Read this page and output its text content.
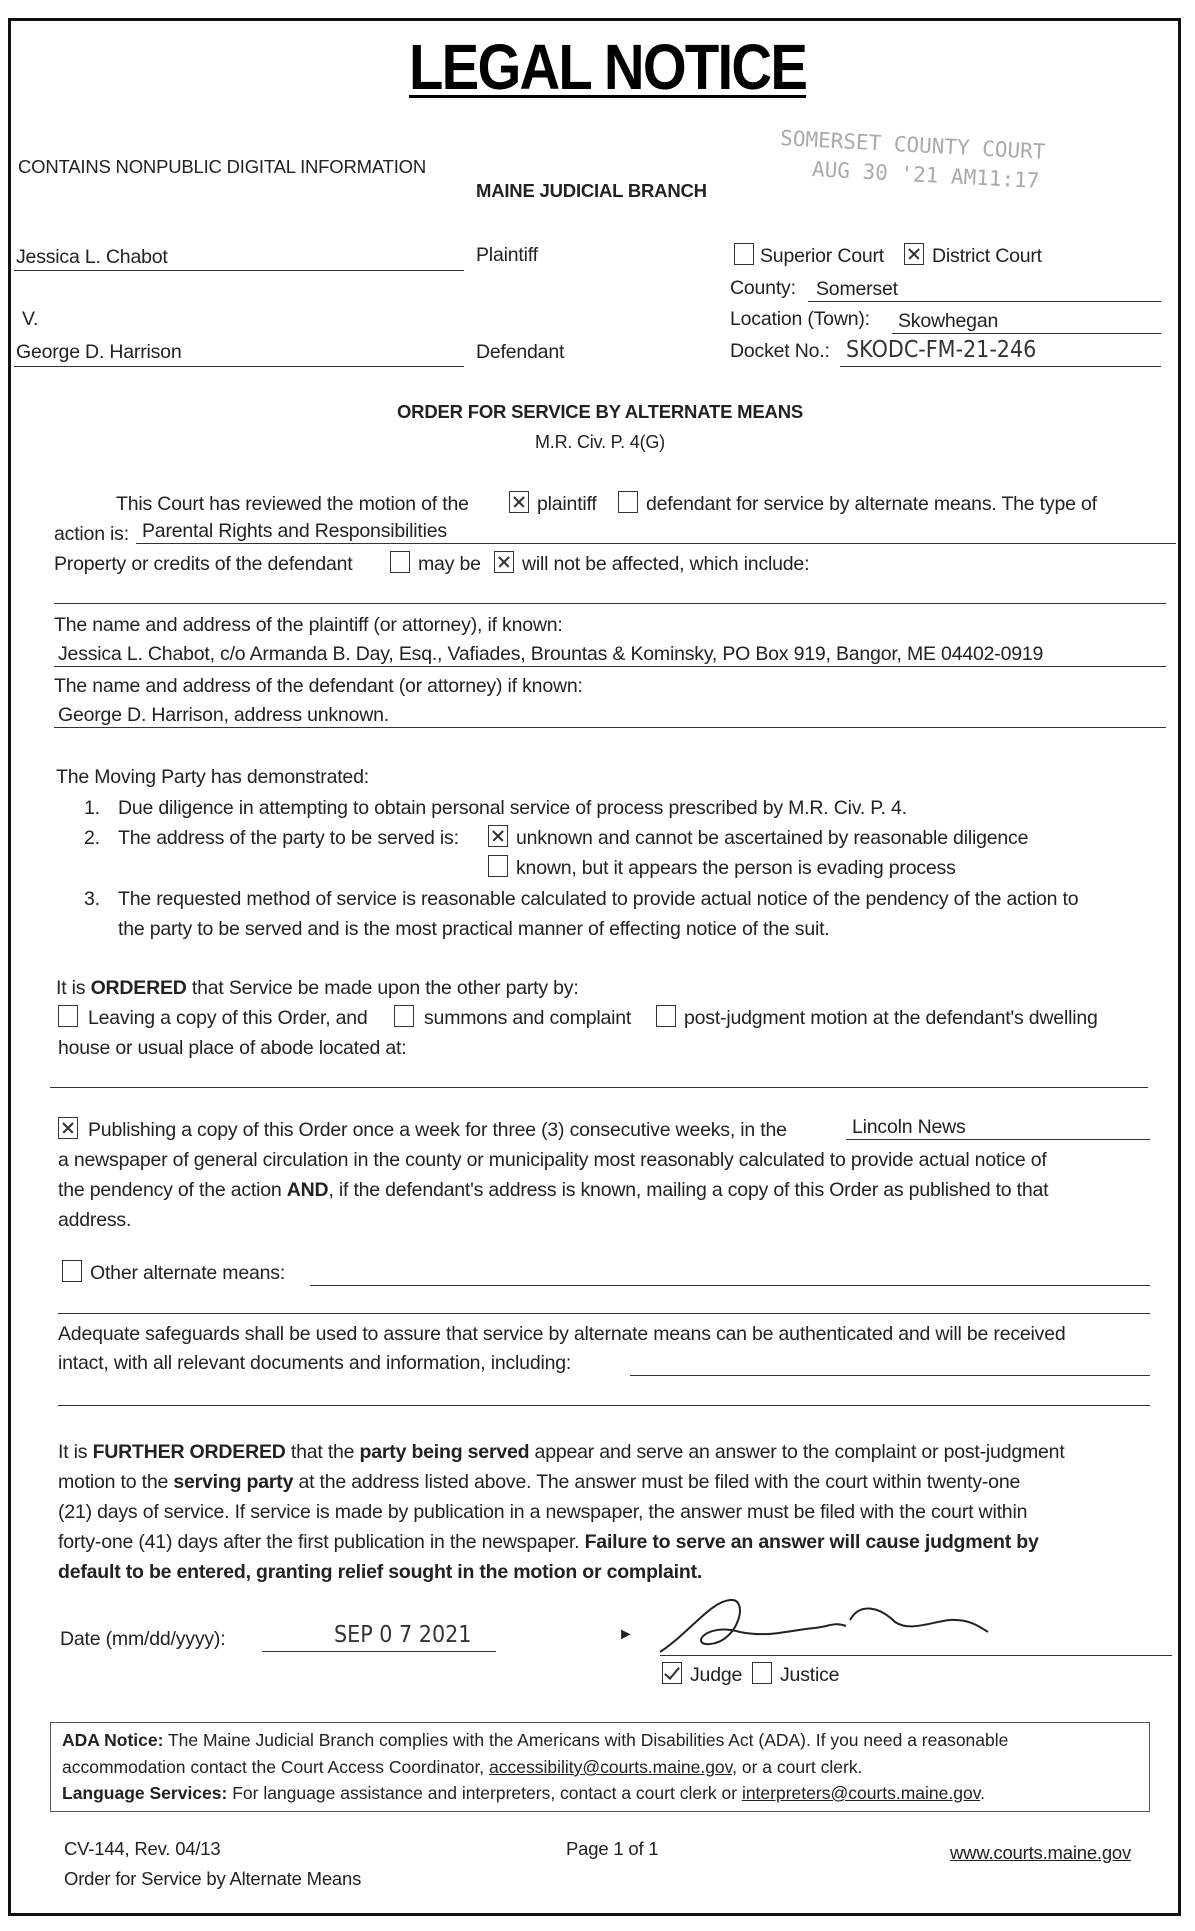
LEGAL NOTICE
CONTAINS NONPUBLIC DIGITAL INFORMATION
MAINE JUDICIAL BRANCH
SOMERSET COUNTY COURT
AUG 30 '21 AM11:17
Jessica L. Chabot	Plaintiff
V.
George D. Harrison	Defendant
Superior Court District Court
County: Somerset
Location (Town): Skowhegan
Docket No.: SKODC-FM-21-246
ORDER FOR SERVICE BY ALTERNATE MEANS
M.R. Civ. P. 4(G)
This Court has reviewed the motion of the	plaintiff	defendant for service by alternate means. The type of
action is: Parental Rights and Responsibilities
Property or credits of the defendant	may be will not be affected, which include:
The name and address of the plaintiff (or attorney), if known:
Jessica L. Chabot, c/o Armanda B. Day, Esq., Vafiades, Brountas & Kominsky, PO Box 919, Bangor, ME 04402-0919
The name and address of the defendant (or attorney) if known:
George D. Harrison, address unknown.
The Moving Party has demonstrated:
1. Due diligence in attempting to obtain personal service of process prescribed by M.R. Civ. P. 4.
2. The address of the party to be served is:	unknown and cannot be ascertained by reasonable diligence
known, but it appears the person is evading process
3. The requested method of service is reasonable calculated to provide actual notice of the pendency of the action to
the party to be served and is the most practical manner of effecting notice of the suit.
It is ORDERED that Service be made upon the other party by:
Leaving a copy of this Order, and	summons and complaint	post-judgment motion at the defendant's dwelling
house or usual place of abode located at:
Publishing a copy of this Order once a week for three (3) consecutive weeks, in the	Lincoln News
a newspaper of general circulation in the county or municipality most reasonably calculated to provide actual notice of
the pendency of the action AND, if the defendant's address is known, mailing a copy of this Order as published to that
address.
Other alternate means:
Adequate safeguards shall be used to assure that service by alternate means can be authenticated and will be received
intact, with all relevant documents and information, including:
It is FURTHER ORDERED that the party being served appear and serve an answer to the complaint or post-judgment
motion to the serving party at the address listed above. The answer must be filed with the court within twenty-one
(21) days of service. If service is made by publication in a newspaper, the answer must be filed with the court within
forty-one (41) days after the first publication in the newspaper. Failure to serve an answer will cause judgment by
default to be entered, granting relief sought in the motion or complaint.
Date (mm/dd/yyyy):	SEP 0 7 2021	►
Judge Justice
ADA Notice: The Maine Judicial Branch complies with the Americans with Disabilities Act (ADA). If you need a reasonable
accommodation contact the Court Access Coordinator, accessibility@courts.maine.gov, or a court clerk.
Language Services: For language assistance and interpreters, contact a court clerk or interpreters@courts.maine.gov.
CV-144, Rev. 04/13
Order for Service by Alternate Means
Page 1 of 1	www.courts.maine.gov
